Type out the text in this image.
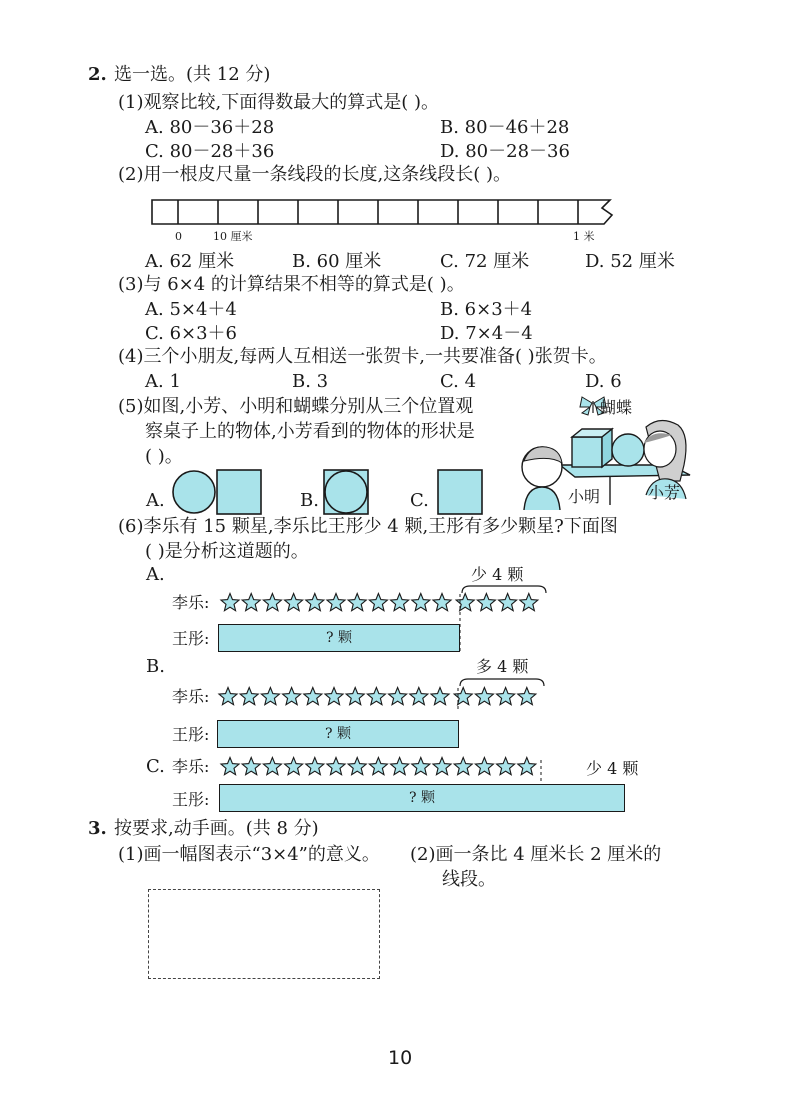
2. 选一选。(共 12 分)
(1)观察比较,下面得数最大的算式是( )。
A. 80－36＋28	B. 80－46＋28
C. 80－28＋36	D. 80－28－36
(2)用一根皮尺量一条线段的长度,这条线段长( )。
0	10 厘米	1 米
A. 62 厘米	B. 60 厘米	C. 72 厘米	D. 52 厘米
(3)与 6×4 的计算结果不相等的算式是( )。
A. 5×4＋4	B. 6×3＋4
C. 6×3＋6	D. 7×4－4
(4)三个小朋友,每两人互相送一张贺卡,一共要准备( )张贺卡。
A. 1	B. 3	C. 4	D. 6
(5)如图,小芳、小明和蝴蝶分别从三个位置观
察桌子上的物体,小芳看到的物体的形状是
( )。
A.	B.	C.
蝴蝶
小明	小芳
(6)李乐有 15 颗星,李乐比王彤少 4 颗,王彤有多少颗星?下面图
( )是分析这道题的。
A.	少 4 颗
李乐:
王彤:	? 颗
B.	多 4 颗
李乐:
王彤:	? 颗
C. 李乐:	少 4 颗
王彤:	? 颗
3. 按要求,动手画。(共 8 分)
(1)画一幅图表示“3×4”的意义。 (2)画一条比 4 厘米长 2 厘米的
线段。
10
